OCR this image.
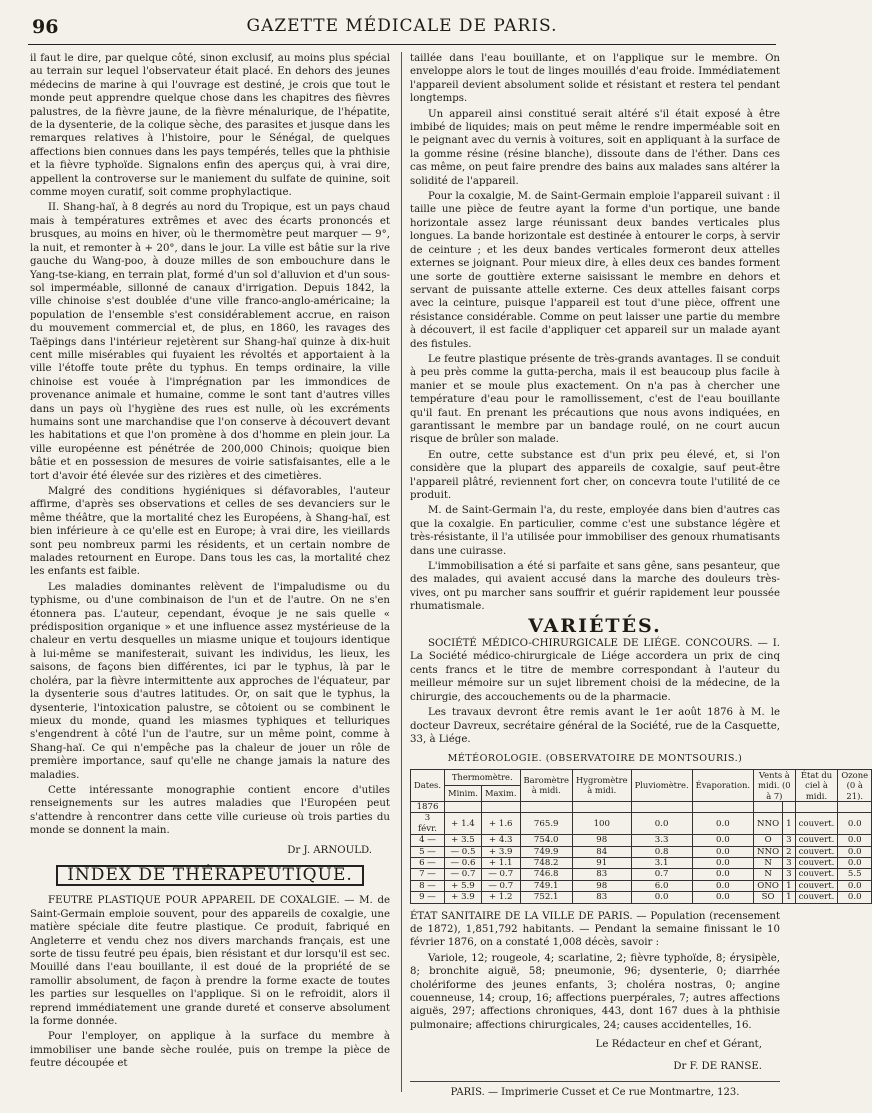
96	GAZETTE MÉDICALE DE PARIS.

il faut le dire, par quelque côté, sinon exclusif, au moins plus spécial au terrain sur lequel l'observateur était placé. En dehors des jeunes médecins de marine à qui l'ouvrage est destiné, je crois que tout le monde peut apprendre quelque chose dans les chapitres des fièvres palustres, de la fièvre jaune, de la fièvre ménalurique, de l'hépatite, de la dysenterie, de la colique sèche, des parasites et jusque dans les remarques relatives à l'histoire, pour le Sénégal, de quelques affections bien connues dans les pays tempérés, telles que la phthisie et la fièvre typhoïde. Signalons enfin des aperçus qui, à vrai dire, appellent la controverse sur le maniement du sulfate de quinine, soit comme moyen curatif, soit comme prophylactique.

II. Shang-haï, à 8 degrés au nord du Tropique, est un pays chaud mais à températures extrêmes et avec des écarts prononcés et brusques, au moins en hiver, où le thermomètre peut marquer — 9°, la nuit, et remonter à + 20°, dans le jour. La ville est bâtie sur la rive gauche du Wang-poo, à douze milles de son embouchure dans le Yang-tse-kiang, en terrain plat, formé d'un sol d'alluvion et d'un sous-sol imperméable, sillonné de canaux d'irrigation. Depuis 1842, la ville chinoise s'est doublée d'une ville franco-anglo-américaine; la population de l'ensemble s'est considérablement accrue, en raison du mouvement commercial et, de plus, en 1860, les ravages des Taëpings dans l'intérieur rejetèrent sur Shang-haï quinze à dix-huit cent mille misérables qui fuyaient les révoltés et apportaient à la ville l'étoffe toute prête du typhus. En temps ordinaire, la ville chinoise est vouée à l'imprégnation par les immondices de provenance animale et humaine, comme le sont tant d'autres villes dans un pays où l'hygiène des rues est nulle, où les excréments humains sont une marchandise que l'on conserve à découvert devant les habitations et que l'on promène à dos d'homme en plein jour. La ville européenne est pénétrée de 200,000 Chinois; quoique bien bâtie et en possession de mesures de voirie satisfaisantes, elle a le tort d'avoir été élevée sur des rizières et des cimetières.

Malgré des conditions hygiéniques si défavorables, l'auteur affirme, d'après ses observations et celles de ses devanciers sur le même théâtre, que la mortalité chez les Européens, à Shang-haï, est bien inférieure à ce qu'elle est en Europe; à vrai dire, les vieillards sont peu nombreux parmi les résidents, et un certain nombre de malades retournent en Europe. Dans tous les cas, la mortalité chez les enfants est faible.

Les maladies dominantes relèvent de l'impaludisme ou du typhisme, ou d'une combinaison de l'un et de l'autre. On ne s'en étonnera pas. L'auteur, cependant, évoque je ne sais quelle « prédisposition organique » et une influence assez mystérieuse de la chaleur en vertu desquelles un miasme unique et toujours identique à lui-même se manifesterait, suivant les individus, les lieux, les saisons, de façons bien différentes, ici par le typhus, là par le choléra, par la fièvre intermittente aux approches de l'équateur, par la dysenterie sous d'autres latitudes. Or, on sait que le typhus, la dysenterie, l'intoxication palustre, se côtoient ou se combinent le mieux du monde, quand les miasmes typhiques et telluriques s'engendrent à côté l'un de l'autre, sur un même point, comme à Shang-haï. Ce qui n'empêche pas la chaleur de jouer un rôle de première importance, sauf qu'elle ne change jamais la nature des maladies.

Cette intéressante monographie contient encore d'utiles renseignements sur les autres maladies que l'Européen peut s'attendre à rencontrer dans cette ville curieuse où trois parties du monde se donnent la main.

Dr J. ARNOULD.
INDEX DE THÉRAPEUTIQUE.

FEUTRE PLASTIQUE POUR APPAREIL DE COXALGIE. — M. de Saint-Germain emploie souvent, pour des appareils de coxalgie, une matière spéciale dite feutre plastique. Ce produit, fabriqué en Angleterre et vendu chez nos divers marchands français, est une sorte de tissu feutré peu épais, bien résistant et dur lorsqu'il est sec. Mouillé dans l'eau bouillante, il est doué de la propriété de se ramollir absolument, de façon à prendre la forme exacte de toutes les parties sur lesquelles on l'applique. Si on le refroidit, alors il reprend immédiatement une grande dureté et conserve absolument la forme donnée.

Pour l'employer, on applique à la surface du membre à immobiliser une bande sèche roulée, puis on trempe la pièce de feutre découpée et

taillée dans l'eau bouillante, et on l'applique sur le membre. On enveloppe alors le tout de linges mouillés d'eau froide. Immédiatement l'appareil devient absolument solide et résistant et restera tel pendant longtemps.

Un appareil ainsi constitué serait altéré s'il était exposé à être imbibé de liquides; mais on peut même le rendre imperméable soit en le peignant avec du vernis à voitures, soit en appliquant à la surface de la gomme résine (résine blanche), dissoute dans de l'éther. Dans ces cas même, on peut faire prendre des bains aux malades sans altérer la solidité de l'appareil.

Pour la coxalgie, M. de Saint-Germain emploie l'appareil suivant : il taille une pièce de feutre ayant la forme d'un portique, une bande horizontale assez large réunissant deux bandes verticales plus longues. La bande horizontale est destinée à entourer le corps, à servir de ceinture ; et les deux bandes verticales formeront deux attelles externes se joignant. Pour mieux dire, à elles deux ces bandes forment une sorte de gouttière externe saisissant le membre en dehors et servant de puissante attelle externe. Ces deux attelles faisant corps avec la ceinture, puisque l'appareil est tout d'une pièce, offrent une résistance considérable. Comme on peut laisser une partie du membre à découvert, il est facile d'appliquer cet appareil sur un malade ayant des fistules.

Le feutre plastique présente de très-grands avantages. Il se conduit à peu près comme la gutta-percha, mais il est beaucoup plus facile à manier et se moule plus exactement. On n'a pas à chercher une température d'eau pour le ramollissement, c'est de l'eau bouillante qu'il faut. En prenant les précautions que nous avons indiquées, en garantissant le membre par un bandage roulé, on ne court aucun risque de brûler son malade.

En outre, cette substance est d'un prix peu élevé, et, si l'on considère que la plupart des appareils de coxalgie, sauf peut-être l'appareil plâtré, reviennent fort cher, on concevra toute l'utilité de ce produit.

M. de Saint-Germain l'a, du reste, employée dans bien d'autres cas que la coxalgie. En particulier, comme c'est une substance légère et très-résistante, il l'a utilisée pour immobiliser des genoux rhumatisants dans une cuirasse.

L'immobilisation a été si parfaite et sans gêne, sans pesanteur, que des malades, qui avaient accusé dans la marche des douleurs très-vives, ont pu marcher sans souffrir et guérir rapidement leur poussée rhumatismale.

VARIÉTÉS.

SOCIÉTÉ MÉDICO-CHIRURGICALE DE LIÉGE. CONCOURS. — I. La Société médico-chirurgicale de Liége accordera un prix de cinq cents francs et le titre de membre correspondant à l'auteur du meilleur mémoire sur un sujet librement choisi de la médecine, de la chirurgie, des accouchements ou de la pharmacie.

Les travaux devront être remis avant le 1er août 1876 à M. le docteur Davreux, secrétaire général de la Société, rue de la Casquette, 33, à Liége.

MÉTÉOROLOGIE. (OBSERVATOIRE DE MONTSOURIS.)
Dates.	Thermomètre.		Baromètre à midi.	Hygromètre à midi.	Pluviomètre.	Évaporation.	Vents à midi. (0 à 7)		État du ciel à midi.	Ozone (0 à 21).
	Minim.	Maxim.								
1876										
3 févr.	+ 1.4	+ 1.6	765.9	100	0.0	0.0	NNO	1	couvert.	0.0
4 —	+ 3.5	+ 4.3	754.0	98	3.3	0.0	O	3	couvert.	0.0
5 —	— 0.5	+ 3.9	749.9	84	0.8	0.0	NNO	2	couvert.	0.0
6 —	— 0.6	+ 1.1	748.2	91	3.1	0.0	N	3	couvert.	0.0
7 —	— 0.7	— 0.7	746.8	83	0.7	0.0	N	3	couvert.	5.5
8 —	+ 5.9	— 0.7	749.1	98	6.0	0.0	ONO	1	couvert.	0.0
9 —	+ 3.9	+ 1.2	752.1	83	0.0	0.0	SO	1	couvert.	0.0

ÉTAT SANITAIRE DE LA VILLE DE PARIS. — Population (recensement de 1872), 1,851,792 habitants. — Pendant la semaine finissant le 10 février 1876, on a constaté 1,008 décès, savoir :

Variole, 12; rougeole, 4; scarlatine, 2; fièvre typhoïde, 8; érysipèle, 8; bronchite aiguë, 58; pneumonie, 96; dysenterie, 0; diarrhée cholériforme des jeunes enfants, 3; choléra nostras, 0; angine couenneuse, 14; croup, 16; affections puerpérales, 7; autres affections aiguës, 297; affections chroniques, 443, dont 167 dues à la phthisie pulmonaire; affections chirurgicales, 24; causes accidentelles, 16.

Le Rédacteur en chef et Gérant,
Dr F. DE RANSE.
PARIS. — Imprimerie Cusset et Ce rue Montmartre, 123.
